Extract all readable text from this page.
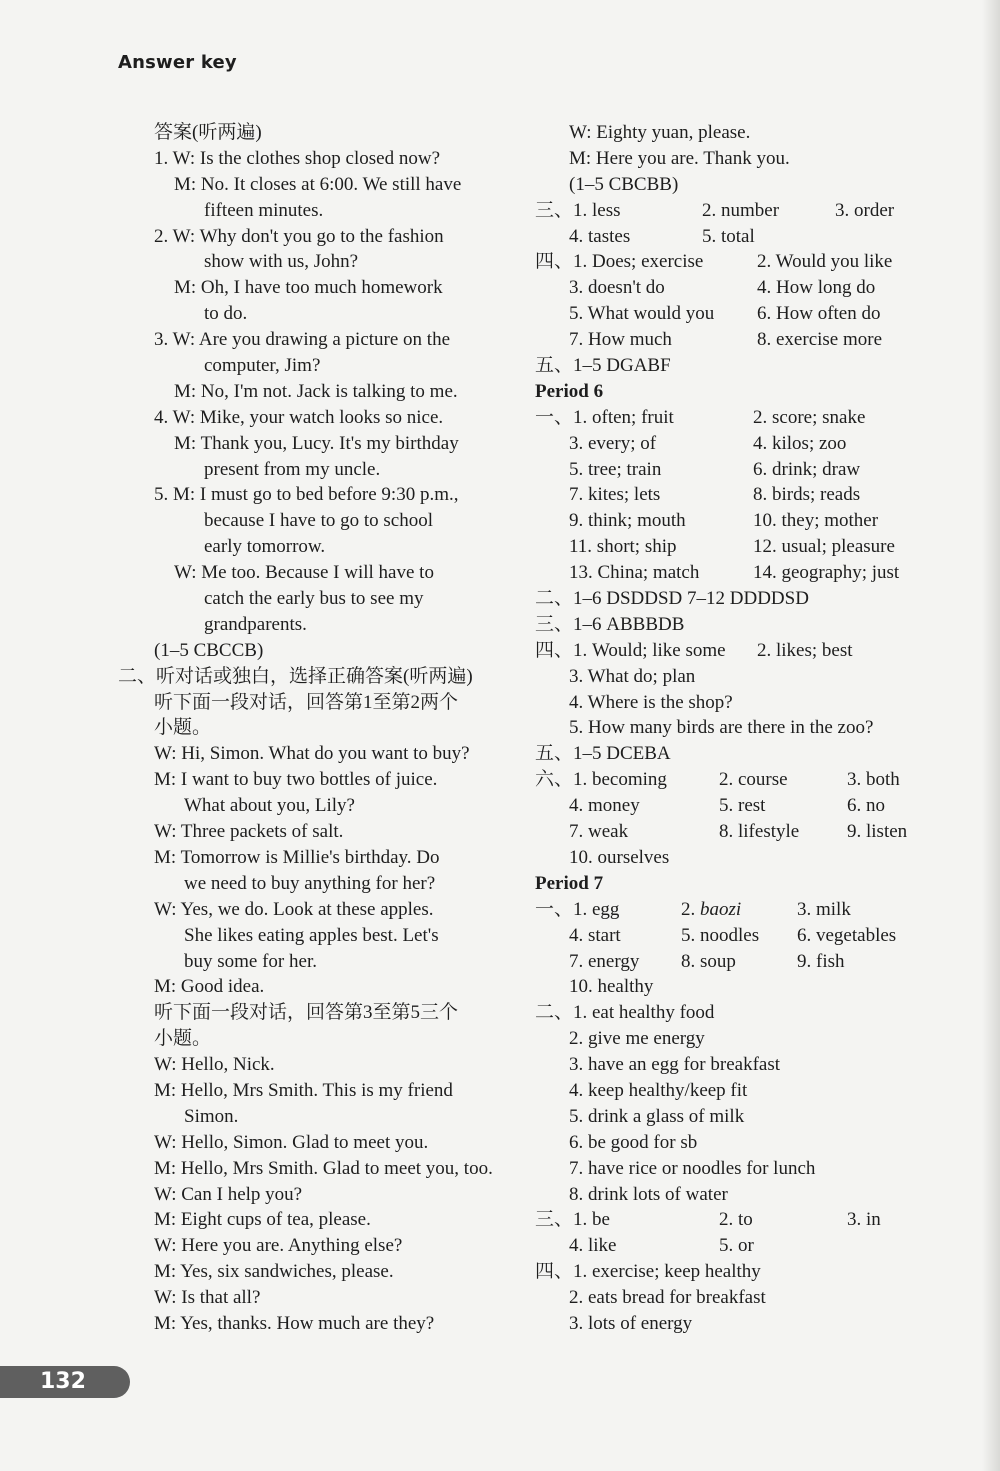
Answer key
答案(听两遍)
1. W: Is the clothes shop closed now?
M: No. It closes at 6:00. We still have
fifteen minutes.
2. W: Why don't you go to the fashion
show with us, John?
M: Oh, I have too much homework
to do.
3. W: Are you drawing a picture on the
computer, Jim?
M: No, I'm not. Jack is talking to me.
4. W: Mike, your watch looks so nice.
M: Thank you, Lucy. It's my birthday
present from my uncle.
5. M: I must go to bed before 9:30 p.m.,
because I have to go to school
early tomorrow.
W: Me too. Because I will have to
catch the early bus to see my
grandparents.
(1–5 CBCCB)
二、听对话或独白，选择正确答案(听两遍)
听下面一段对话，回答第1至第2两个
小题。
W: Hi, Simon. What do you want to buy?
M: I want to buy two bottles of juice.
What about you, Lily?
W: Three packets of salt.
M: Tomorrow is Millie's birthday. Do
we need to buy anything for her?
W: Yes, we do. Look at these apples.
She likes eating apples best. Let's
buy some for her.
M: Good idea.
听下面一段对话，回答第3至第5三个
小题。
W: Hello, Nick.
M: Hello, Mrs Smith. This is my friend
Simon.
W: Hello, Simon. Glad to meet you.
M: Hello, Mrs Smith. Glad to meet you, too.
W: Can I help you?
M: Eight cups of tea, please.
W: Here you are. Anything else?
M: Yes, six sandwiches, please.
W: Is that all?
M: Yes, thanks. How much are they?
W: Eighty yuan, please.
M: Here you are. Thank you.
(1–5 CBCBB)
三、1. less	2. number	3. order
4. tastes	5. total
四、1. Does; exercise	2. Would you like
3. doesn't do	4. How long do
5. What would you 6. How often do
7. How much	8. exercise more
五、1–5 DGABF
Period 6
一、1. often; fruit	2. score; snake
3. every; of	4. kilos; zoo
5. tree; train	6. drink; draw
7. kites; lets	8. birds; reads
9. think; mouth	10. they; mother
11. short; ship	12. usual; pleasure
13. China; match	14. geography; just
二、1–6 DSDDSD 7–12 DDDDSD
三、1–6 ABBBDB
四、1. Would; like some 2. likes; best
3. What do; plan
4. Where is the shop?
5. How many birds are there in the zoo?
五、1–5 DCEBA
六、1. becoming	2. course	3. both
4. money	5. rest	6. no
7. weak	8. lifestyle	9. listen
10. ourselves
Period 7
一、1. egg	2. baozi	3. milk
4. start	5. noodles 6. vegetables
7. energy 8. soup	9. fish
10. healthy
二、1. eat healthy food
2. give me energy
3. have an egg for breakfast
4. keep healthy/keep fit
5. drink a glass of milk
6. be good for sb
7. have rice or noodles for lunch
8. drink lots of water
三、1. be	2. to	3. in
4. like	5. or
四、1. exercise; keep healthy
2. eats bread for breakfast
3. lots of energy
132
